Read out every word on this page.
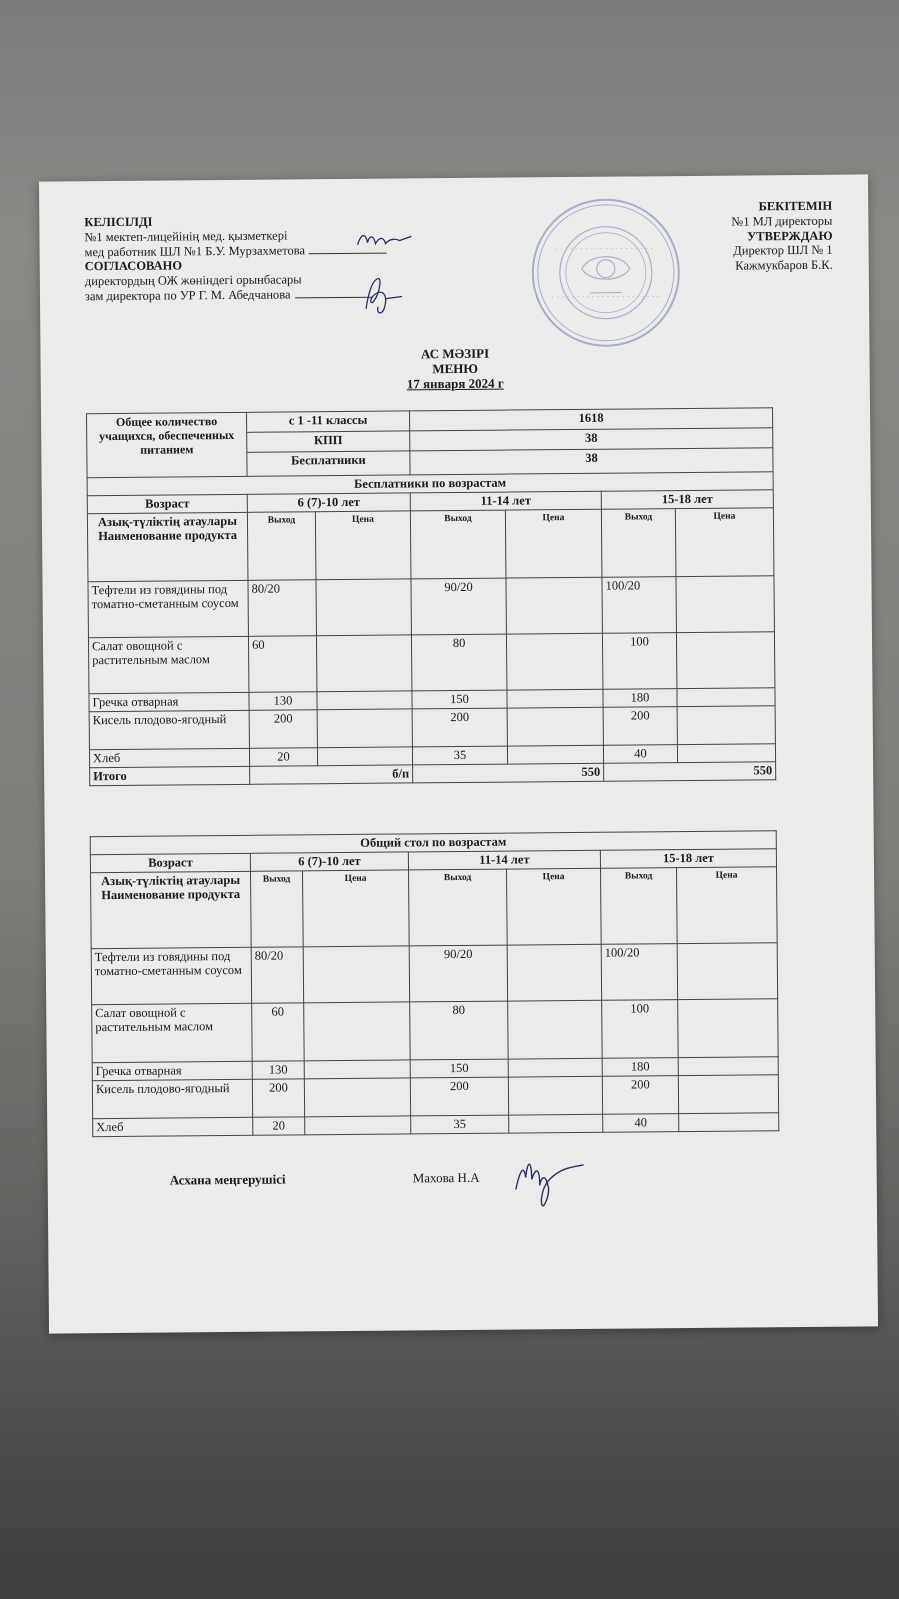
КЕЛІСІЛДІ
№1 мектеп-лицейінің мед. қызметкері
мед работник ШЛ №1 Б.У. Мурзахметова
СОГЛАСОВАНО
директордың ОЖ жөніндегі орынбасары
зам директора по УР Г. М. Абедчанова
БЕКІТЕМІН
№1 МЛ директоры
УТВЕРЖДАЮ
Директор ШЛ № 1
Кажмукбаров Б.К.
АС МӘЗІРІ
МЕНЮ
17 января 2024 г
Общее количество учащихся, обеспеченных питанием	с 1 -11 классы		1618			
	КПП		38			
	Бесплатники		38			
Бесплатники по возрастам						
Возраст	6 (7)-10 лет		11-14 лет		15-18 лет	
Азық-түліктің атаулары Наименование продукта	Выход	Цена	Выход	Цена	Выход	Цена
Тефтели из говядины под томатно-сметанным соусом	80/20		90/20		100/20	
Салат овощной с растительным маслом	60		80		100	
Гречка отварная	130		150		180	
Кисель плодово-ягодный	200		200		200	
Хлеб	20		35		40	
Итого	б/п		550		550	
Общий стол по возрастам						
Возраст	6 (7)-10 лет		11-14 лет		15-18 лет	
Азық-түліктің атаулары Наименование продукта	Выход	Цена	Выход	Цена	Выход	Цена
Тефтели из говядины под томатно-сметанным соусом	80/20		90/20		100/20	
Салат овощной с растительным маслом	60		80		100	
Гречка отварная	130		150		180	
Кисель плодово-ягодный	200		200		200	
Хлеб	20		35		40	
Асхана меңгерушісі	Махова Н.А
